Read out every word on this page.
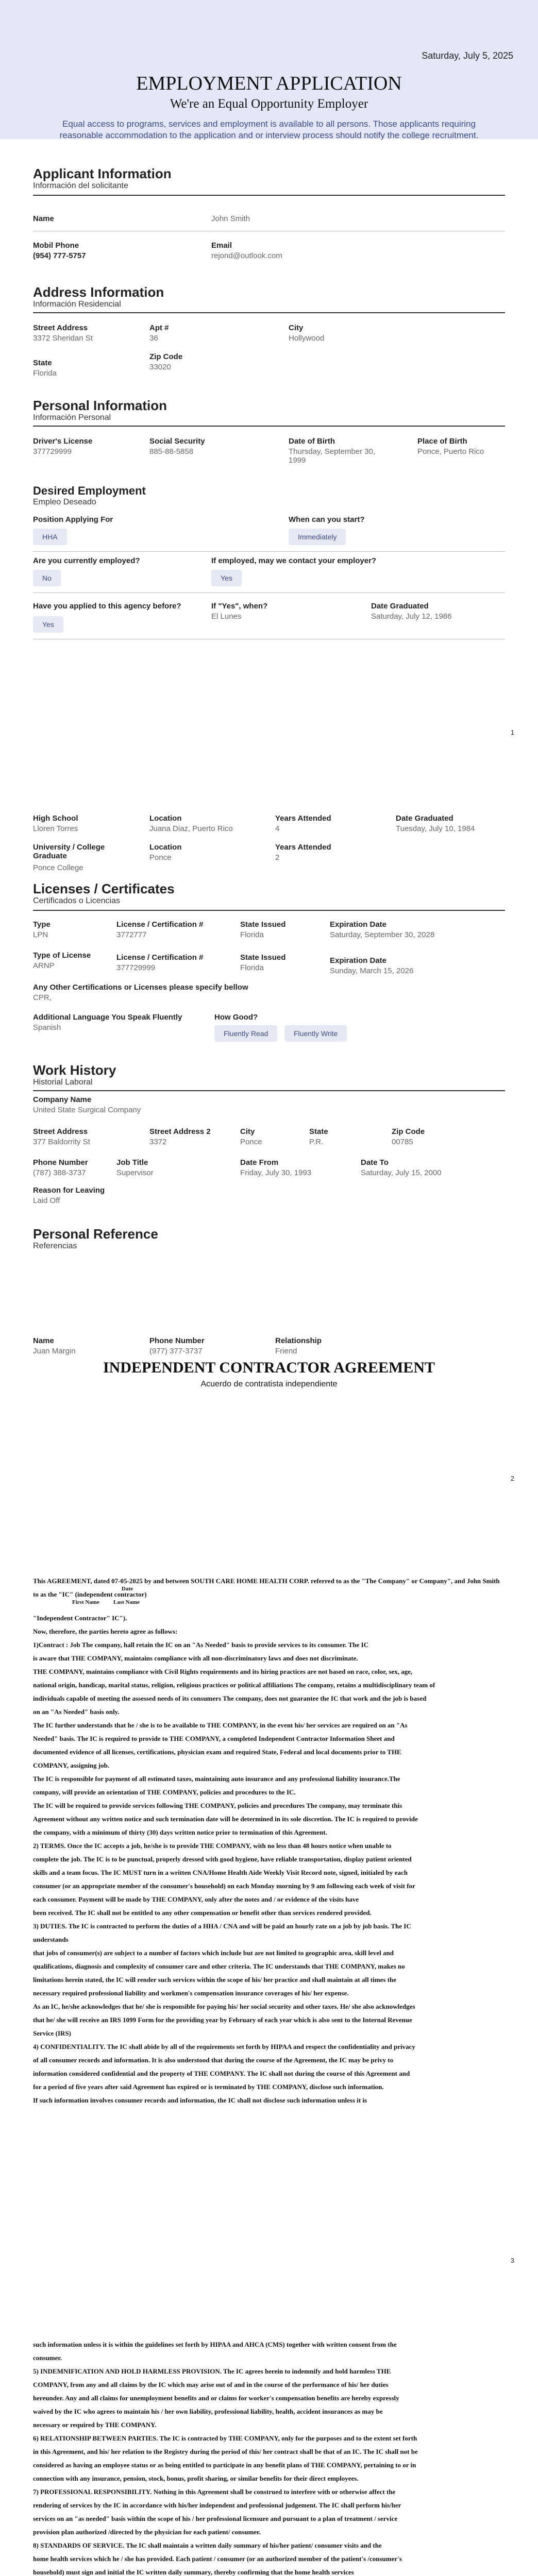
Saturday, July 5, 2025
EMPLOYMENT APPLICATION
We're an Equal Opportunity Employer
Equal access to programs, services and employment is available to all persons. Those applicants requiring reasonable accommodation to the application and or interview process should notify the college recruitment.
Applicant Information
Información del solicitante
Name	John Smith
Mobil Phone
(954) 777-5757
Email
rejond@outlook.com
Address Information
Información Residencial
Street Address
3372 Sheridan St
Apt #
36
City
Hollywood
State
Florida
Zip Code
33020
Personal Information
Información Personal
Driver's License
377729999
Social Security
885-88-5858
Date of Birth
Thursday, September 30, 1999
Place of Birth
Ponce, Puerto Rico
Desired Employment
Empleo Deseado
Position Applying For
HHA
When can you start?
Immediately
Are you currently employed?
No
If employed, may we contact your employer?
Yes
Have you applied to this agency before?
Yes
If "Yes", when?
El Lunes
Date Graduated
Saturday, July 12, 1986
1
High School
Lloren Torres
Location
Juana Diaz, Puerto Rico
Years Attended
4
Date Graduated
Tuesday, July 10, 1984
University / College Graduate
Ponce College
Location
Ponce
Years Attended
2
Licenses / Certificates
Certificados o Licencias
Type
LPN
License / Certification #
3772777
State Issued
Florida
Expiration Date
Saturday, September 30, 2028
Type of License
ARNP
License / Certification #
377729999
State Issued
Florida
Expiration Date
Sunday, March 15, 2026
Any Other Certifications or Licenses please specify bellow
CPR,
Additional Language You Speak Fluently
Spanish
How Good?
Fluently Read	Fluently Write
Work History
Historial Laboral
Company Name
United State Surgical Company
Street Address
377 Baldorrity St
Street Address 2
3372
City
Ponce
State
P.R.
Zip Code
00785
Phone Number
(787) 388-3737
Job Title
Supervisor
Date From
Friday, July 30, 1993
Date To
Saturday, July 15, 2000
Reason for Leaving
Laid Off
Personal Reference
Referencias
Name
Juan Margin
Phone Number
(977) 377-3737
Relationship
Friend
INDEPENDENT CONTRACTOR AGREEMENT
Acuerdo de contratista independiente
2
This AGREEMENT, dated 07-05-2025 by and between SOUTH CARE HOME HEALTH CORP. referred to as the "The Company" or Company", and John Smith to as the "IC" (independent contractor)
Date
First Name Last Name

"Independent Contractor" IC").

Now, therefore, the parties hereto agree as follows:

1)Contract : Job The company, hall retain the IC on an "As Needed" basis to provide services to its consumer. The IC

is aware that THE COMPANY, maintains compliance with all non-discriminatory laws and does not discriminate.

THE COMPANY, maintains compliance with Civil Rights requirements and its hiring practices are not based on race, color, sex, age,

national origin, handicap, marital status, religion, religious practices or political affiliations The company, retains a multidisciplinary team of

individuals capable of meeting the assessed needs of its consumers The company, does not guarantee the IC that work and the job is based

on an "As Needed" basis only.

The IC further understands that he / she is to be available to THE COMPANY, in the event his/ her services are required on an "As

Needed" basis. The IC is required to provide to THE COMPANY, a completed Independent Contractor Information Sheet and

documented evidence of all licenses, certifications, physician exam and required State, Federal and local documents prior to THE

COMPANY, assigning job.

The IC is responsible for payment of all estimated taxes, maintaining auto insurance and any professional liability insurance.The

company, will provide an orientation of THE COMPANY, policies and procedures to the IC.

The IC will be required to provide services following THE COMPANY, policies and procedures The company, may terminate this

Agreement without any written notice and such termination date will be determined in its sole discretion. The IC is required to provide

the company, with a minimum of thirty (30) days written notice prior to termination of this Agreement.

2) TERMS. Once the IC accepts a job, he/she is to provide THE COMPANY, with no less than 48 hours notice when unable to

complete the job. The IC is to be punctual, properly dressed with good hygiene, have reliable transportation, display patient oriented

skills and a team focus. The IC MUST turn in a written CNA/Home Health Aide Weekly Visit Record note, signed, initialed by each

consumer (or an appropriate member of the consumer's household) on each Monday morning by 9 am following each week of visit for

each consumer. Payment will be made by THE COMPANY, only after the notes and / or evidence of the visits have

been received. The IC shall not be entitled to any other compensation or benefit other than services rendered provided.

3) DUTIES. The IC is contracted to perform the duties of a HHA / CNA and will be paid an hourly rate on a job by job basis. The IC

understands

that jobs of consumer(s) are subject to a number of factors which include but are not limited to geographic area, skill level and

qualifications, diagnosis and complexity of consumer care and other criteria. The IC understands that THE COMPANY, makes no

limitations herein stated, the IC will render such services within the scope of his/ her practice and shall maintain at all times the

necessary required professional liability and workmen's compensation insurance coverages of his/ her expense.

As an IC, he/she acknowledges that he/ she is responsible for paying his/ her social security and other taxes. He/ she also acknowledges

that he/ she will receive an IRS 1099 Form for the providing year by February of each year which is also sent to the Internal Revenue

Service (IRS)

4) CONFIDENTIALITY. The IC shall abide by all of the requirements set forth by HIPAA and respect the confidentiality and privacy

of all consumer records and information. It is also understood that during the course of the Agreement, the IC may be privy to

information considered confidential and the property of THE COMPANY. The IC shall not during the course of this Agreement and

for a period of five years after said Agreement has expired or is terminated by THE COMPANY, disclose such information.

If such information involves consumer records and information, the IC shall not disclose such information unless it is

3

such information unless it is within the guidelines set forth by HIPAA and AHCA (CMS) together with written consent from the

consumer.

5) INDEMNIFICATION AND HOLD HARMLESS PROVISION. The IC agrees herein to indemnify and hold harmless THE

COMPANY, from any and all claims by the IC which may arise out of and in the course of the performance of his/ her duties

hereunder. Any and all claims for unemployment benefits and or claims for worker's compensation benefits are hereby expressly

waived by the IC who agrees to maintain his / her own liability, professional liability, health, accident insurances as may be

necessary or required by THE COMPANY.

6) RELATIONSHIP BETWEEN PARTIES. The IC is contracted by THE COMPANY, only for the purposes and to the extent set forth

in this Agreement, and his/ her relation to the Registry during the period of this/ her contract shall be that of an IC. The IC shall not be

considered as having an employee status or as being entitled to participate in any benefit plans of THE COMPANY, pertaining to or in

connection with any insurance, pension, stock, bonus, profit sharing, or similar benefits for their direct employees.

7) PROFESSIONAL RESPONSIBILITY. Nothing in this Agreement shall be construed to interfere with or otherwise affect the

rendering of services by the IC in accordance with his/her independent and professional judgement. The IC shall perform his/her

services on an "as needed" basis within the scope of his / her professional licensure and pursuant to a plan of treatment / service

provision plan authorized /directed by the physician for each patient/ consumer.

8) STANDARDS OF SERVICE. The IC shall maintain a written daily summary of his/her patient/ consumer visits and the

home health services which he / she has provided. Each patient / consumer (or an authorized member of the patient's /consumer's

household) must sign and initial the IC written daily summary, thereby confirming that the home health services
